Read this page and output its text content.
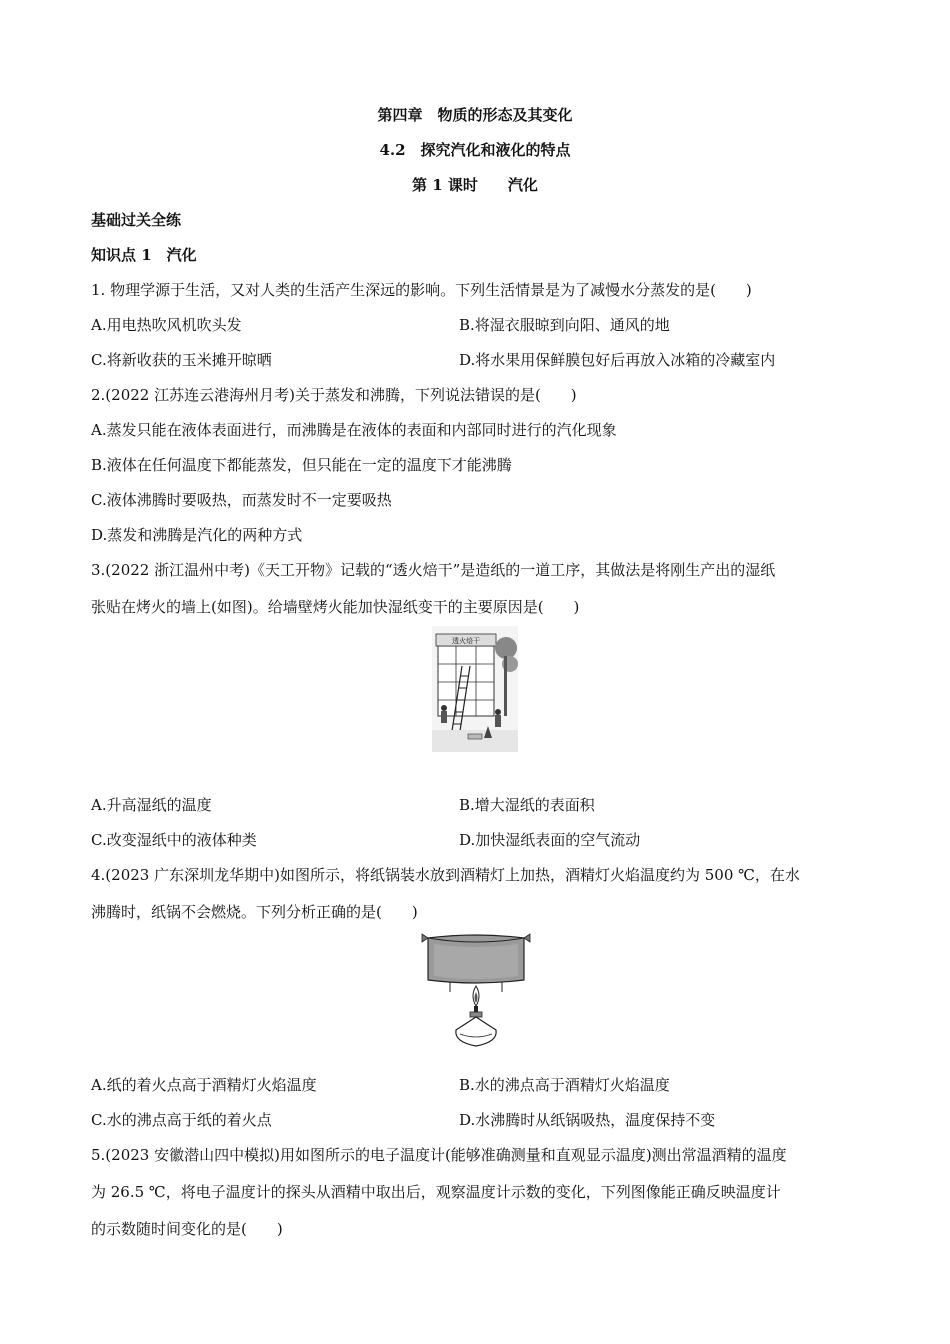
第四章　物质的形态及其变化
4.2　探究汽化和液化的特点
第 1 课时　　汽化
基础过关全练
知识点 1　汽化
1. 物理学源于生活，又对人类的生活产生深远的影响。下列生活情景是为了减慢水分蒸发的是(　　)
A.用电热吹风机吹头发	B.将湿衣服晾到向阳、通风的地
C.将新收获的玉米摊开晾晒	D.将水果用保鲜膜包好后再放入冰箱的冷藏室内
2.(2022 江苏连云港海州月考)关于蒸发和沸腾，下列说法错误的是(　　)
A.蒸发只能在液体表面进行，而沸腾是在液体的表面和内部同时进行的汽化现象
B.液体在任何温度下都能蒸发，但只能在一定的温度下才能沸腾
C.液体沸腾时要吸热，而蒸发时不一定要吸热
D.蒸发和沸腾是汽化的两种方式
3.(2022 浙江温州中考)《天工开物》记载的“透火焙干”是造纸的一道工序，其做法是将刚生产出的湿纸
张贴在烤火的墙上(如图)。给墙壁烤火能加快湿纸变干的主要原因是(　　)
透火焙干
A.升高湿纸的温度	B.增大湿纸的表面积
C.改变湿纸中的液体种类	D.加快湿纸表面的空气流动
4.(2023 广东深圳龙华期中)如图所示，将纸锅装水放到酒精灯上加热，酒精灯火焰温度约为 500 ℃，在水
沸腾时，纸锅不会燃烧。下列分析正确的是(　　)
A.纸的着火点高于酒精灯火焰温度	B.水的沸点高于酒精灯火焰温度
C.水的沸点高于纸的着火点	D.水沸腾时从纸锅吸热，温度保持不变
5.(2023 安徽潜山四中模拟)用如图所示的电子温度计(能够准确测量和直观显示温度)测出常温酒精的温度
为 26.5 ℃，将电子温度计的探头从酒精中取出后，观察温度计示数的变化，下列图像能正确反映温度计
的示数随时间变化的是(　　)
